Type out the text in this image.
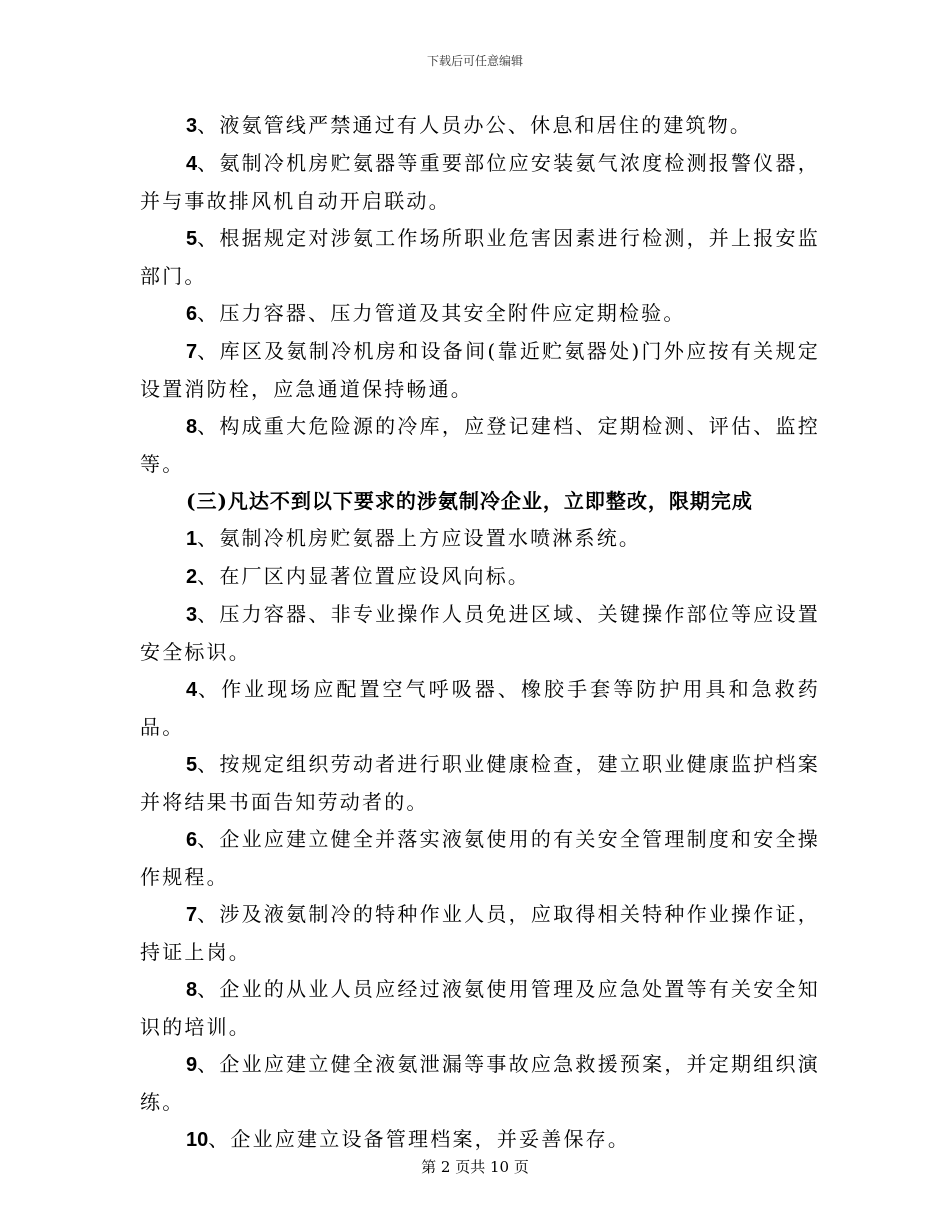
下载后可任意编辑

3、液氨管线严禁通过有人员办公、休息和居住的建筑物。

4、氨制冷机房贮氨器等重要部位应安装氨气浓度检测报警仪器，并与事故排风机自动开启联动。

5、根据规定对涉氨工作场所职业危害因素进行检测，并上报安监部门。

6、压力容器、压力管道及其安全附件应定期检验。

7、库区及氨制冷机房和设备间(靠近贮氨器处)门外应按有关规定设置消防栓，应急通道保持畅通。

8、构成重大危险源的冷库，应登记建档、定期检测、评估、监控等。

(三)凡达不到以下要求的涉氨制冷企业，立即整改，限期完成

1、氨制冷机房贮氨器上方应设置水喷淋系统。

2、在厂区内显著位置应设风向标。

3、压力容器、非专业操作人员免进区域、关键操作部位等应设置安全标识。

4、作业现场应配置空气呼吸器、橡胶手套等防护用具和急救药品。

5、按规定组织劳动者进行职业健康检查，建立职业健康监护档案并将结果书面告知劳动者的。

6、企业应建立健全并落实液氨使用的有关安全管理制度和安全操作规程。

7、涉及液氨制冷的特种作业人员，应取得相关特种作业操作证，持证上岗。

8、企业的从业人员应经过液氨使用管理及应急处置等有关安全知识的培训。

9、企业应建立健全液氨泄漏等事故应急救援预案，并定期组织演练。

10、企业应建立设备管理档案，并妥善保存。

第 2 页共 10 页
